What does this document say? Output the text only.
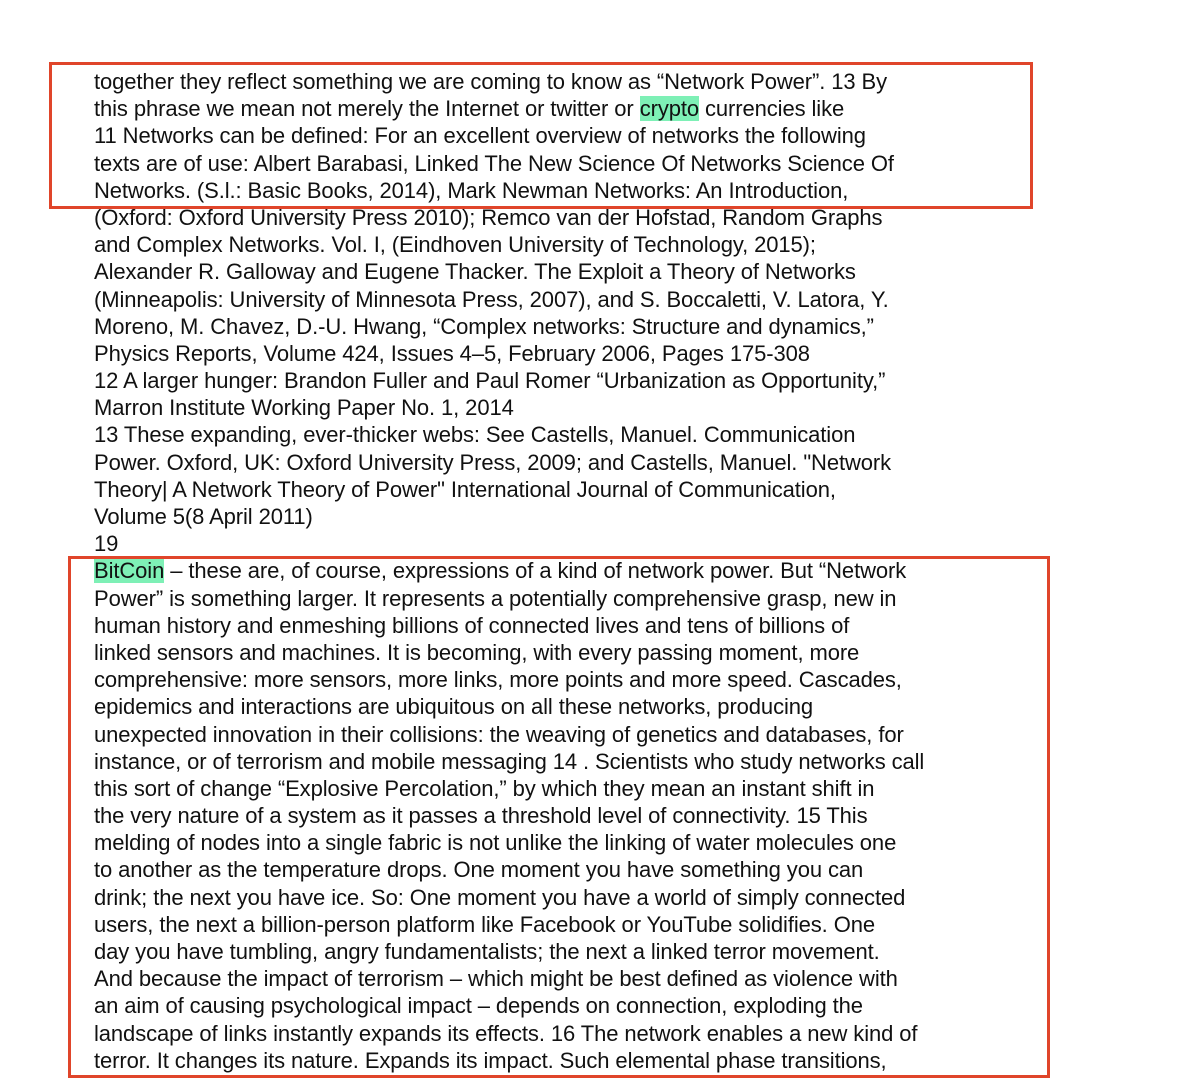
together they reflect something we are coming to know as “Network Power”. 13 By
this phrase we mean not merely the Internet or twitter or crypto currencies like
11 Networks can be defined: For an excellent overview of networks the following
texts are of use: Albert Barabasi, Linked The New Science Of Networks Science Of
Networks. (S.l.: Basic Books, 2014), Mark Newman Networks: An Introduction,
(Oxford: Oxford University Press 2010); Remco van der Hofstad, Random Graphs
and Complex Networks. Vol. I, (Eindhoven University of Technology, 2015);
Alexander R. Galloway and Eugene Thacker. The Exploit a Theory of Networks
(Minneapolis: University of Minnesota Press, 2007), and S. Boccaletti, V. Latora, Y.
Moreno, M. Chavez, D.-U. Hwang, “Complex networks: Structure and dynamics,”
Physics Reports, Volume 424, Issues 4–5, February 2006, Pages 175-308
12 A larger hunger: Brandon Fuller and Paul Romer “Urbanization as Opportunity,”
Marron Institute Working Paper No. 1, 2014
13 These expanding, ever-thicker webs: See Castells, Manuel. Communication
Power. Oxford, UK: Oxford University Press, 2009; and Castells, Manuel. "Network
Theory| A Network Theory of Power" International Journal of Communication,
Volume 5(8 April 2011)
19
BitCoin – these are, of course, expressions of a kind of network power. But “Network
Power” is something larger. It represents a potentially comprehensive grasp, new in
human history and enmeshing billions of connected lives and tens of billions of
linked sensors and machines. It is becoming, with every passing moment, more
comprehensive: more sensors, more links, more points and more speed. Cascades,
epidemics and interactions are ubiquitous on all these networks, producing
unexpected innovation in their collisions: the weaving of genetics and databases, for
instance, or of terrorism and mobile messaging 14 . Scientists who study networks call
this sort of change “Explosive Percolation,” by which they mean an instant shift in
the very nature of a system as it passes a threshold level of connectivity. 15 This
melding of nodes into a single fabric is not unlike the linking of water molecules one
to another as the temperature drops. One moment you have something you can
drink; the next you have ice. So: One moment you have a world of simply connected
users, the next a billion-person platform like Facebook or YouTube solidifies. One
day you have tumbling, angry fundamentalists; the next a linked terror movement.
And because the impact of terrorism – which might be best defined as violence with
an aim of causing psychological impact – depends on connection, exploding the
landscape of links instantly expands its effects. 16 The network enables a new kind of
terror. It changes its nature. Expands its impact. Such elemental phase transitions,
